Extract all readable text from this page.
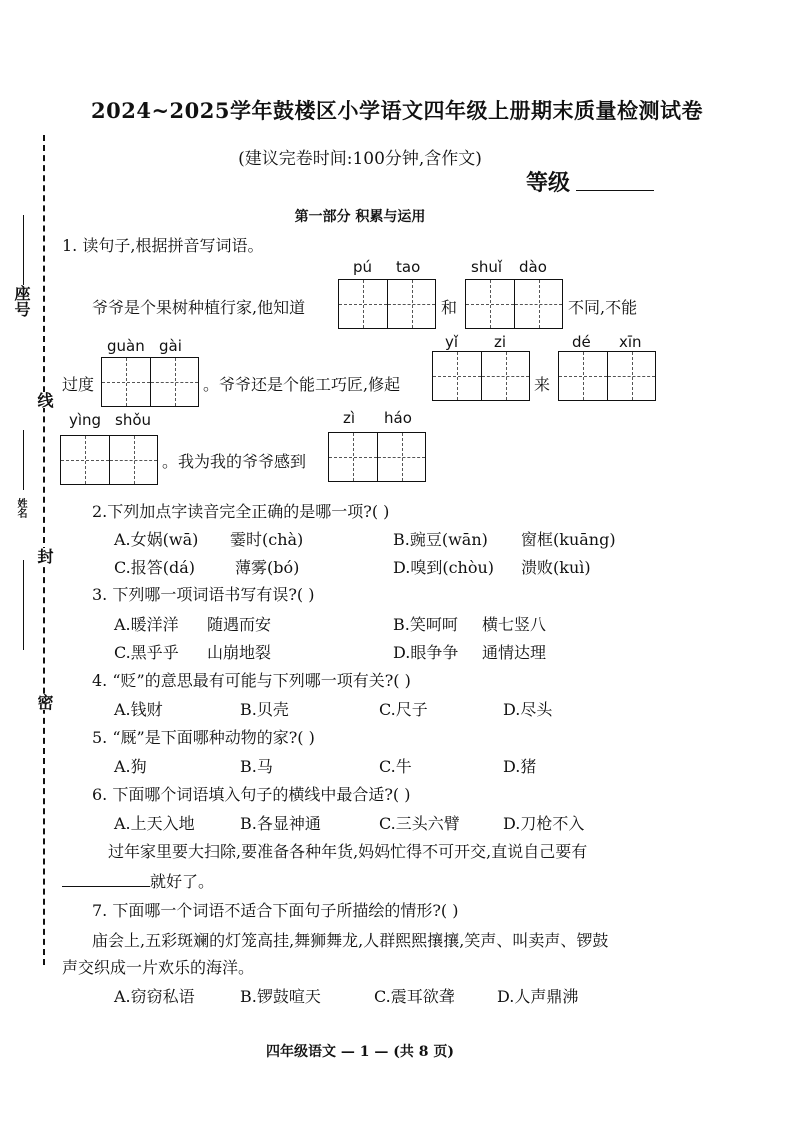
座号
线
姓名
封
密
2024~2025学年鼓楼区小学语文四年级上册期末质量检测试卷
(建议完卷时间:100分钟,含作文)
等级
第一部分 积累与运用
1. 读句子,根据拼音写词语。
pú tao	shuǐ dào
爷爷是个果树种植行家,他知道	和	不同,不能
guàn gài	yǐ zi	dé xīn
过度	。爷爷还是个能工巧匠,修起	来
yìng shǒu	zì háo
。我为我的爷爷感到
2.下列加点字读音完全正确的是哪一项?( )
A.女娲(wā) 霎时(chà)	B.豌豆(wān) 窗框(kuāng)
C.报答(dá) 薄雾(bó)	D.嗅到(chòu) 溃败(kuì)
3. 下列哪一项词语书写有误?( )
A.暖洋洋 随遇而安	B.笑呵呵 横七竖八
C.黑乎乎 山崩地裂	D.眼争争 通情达理
4. “贬”的意思最有可能与下列哪一项有关?( )
A.钱财	B.贝壳	C.尺子	D.尽头
5. “厩”是下面哪种动物的家?( )
A.狗	B.马	C.牛	D.猪
6. 下面哪个词语填入句子的横线中最合适?( )
A.上天入地	B.各显神通	C.三头六臂	D.刀枪不入
过年家里要大扫除,要准备各种年货,妈妈忙得不可开交,直说自己要有
就好了。
7. 下面哪一个词语不适合下面句子所描绘的情形?( )
庙会上,五彩斑斓的灯笼高挂,舞狮舞龙,人群熙熙攘攘,笑声、叫卖声、锣鼓
声交织成一片欢乐的海洋。
A.窃窃私语	B.锣鼓喧天	C.震耳欲聋	D.人声鼎沸
四年级语文 — 1 — (共 8 页)
